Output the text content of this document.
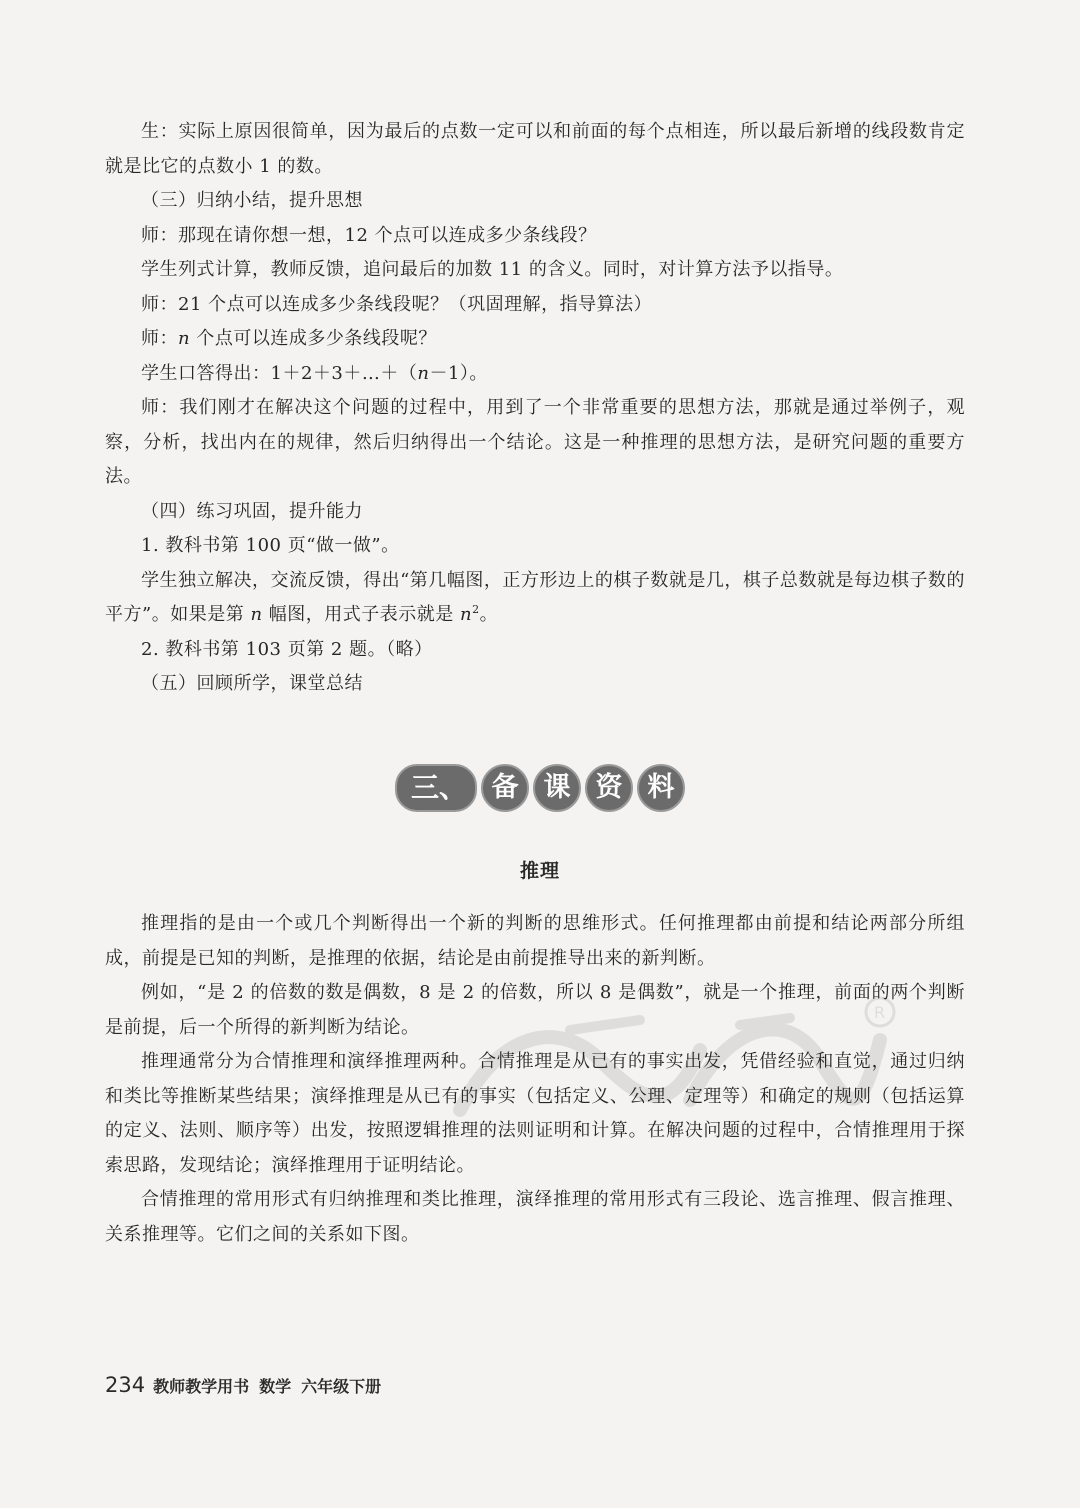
生：实际上原因很简单，因为最后的点数一定可以和前面的每个点相连，所以最后新增的线段数肯定就是比它的点数小 1 的数。

（三）归纳小结，提升思想

师：那现在请你想一想，12 个点可以连成多少条线段？

学生列式计算，教师反馈，追问最后的加数 11 的含义。同时，对计算方法予以指导。

师：21 个点可以连成多少条线段呢？（巩固理解，指导算法）

师：n 个点可以连成多少条线段呢？

学生口答得出：1＋2＋3＋…＋（n－1）。

师：我们刚才在解决这个问题的过程中，用到了一个非常重要的思想方法，那就是通过举例子，观察，分析，找出内在的规律，然后归纳得出一个结论。这是一种推理的思想方法，是研究问题的重要方法。

（四）练习巩固，提升能力

1. 教科书第 100 页“做一做”。

学生独立解决，交流反馈，得出“第几幅图，正方形边上的棋子数就是几，棋子总数就是每边棋子数的平方”。如果是第 n 幅图，用式子表示就是 $n^2$。

2. 教科书第 103 页第 2 题。（略）

（五）回顾所学，课堂总结

三、 备 课 资 料
推理
R

推理指的是由一个或几个判断得出一个新的判断的思维形式。任何推理都由前提和结论两部分所组成，前提是已知的判断，是推理的依据，结论是由前提推导出来的新判断。

例如，“是 2 的倍数的数是偶数，8 是 2 的倍数，所以 8 是偶数”，就是一个推理，前面的两个判断是前提，后一个所得的新判断为结论。

推理通常分为合情推理和演绎推理两种。合情推理是从已有的事实出发，凭借经验和直觉，通过归纳和类比等推断某些结果；演绎推理是从已有的事实（包括定义、公理、定理等）和确定的规则（包括运算的定义、法则、顺序等）出发，按照逻辑推理的法则证明和计算。在解决问题的过程中，合情推理用于探索思路，发现结论；演绎推理用于证明结论。

合情推理的常用形式有归纳推理和类比推理，演绎推理的常用形式有三段论、选言推理、假言推理、关系推理等。它们之间的关系如下图。

234 教师教学用书 数学 六年级下册
